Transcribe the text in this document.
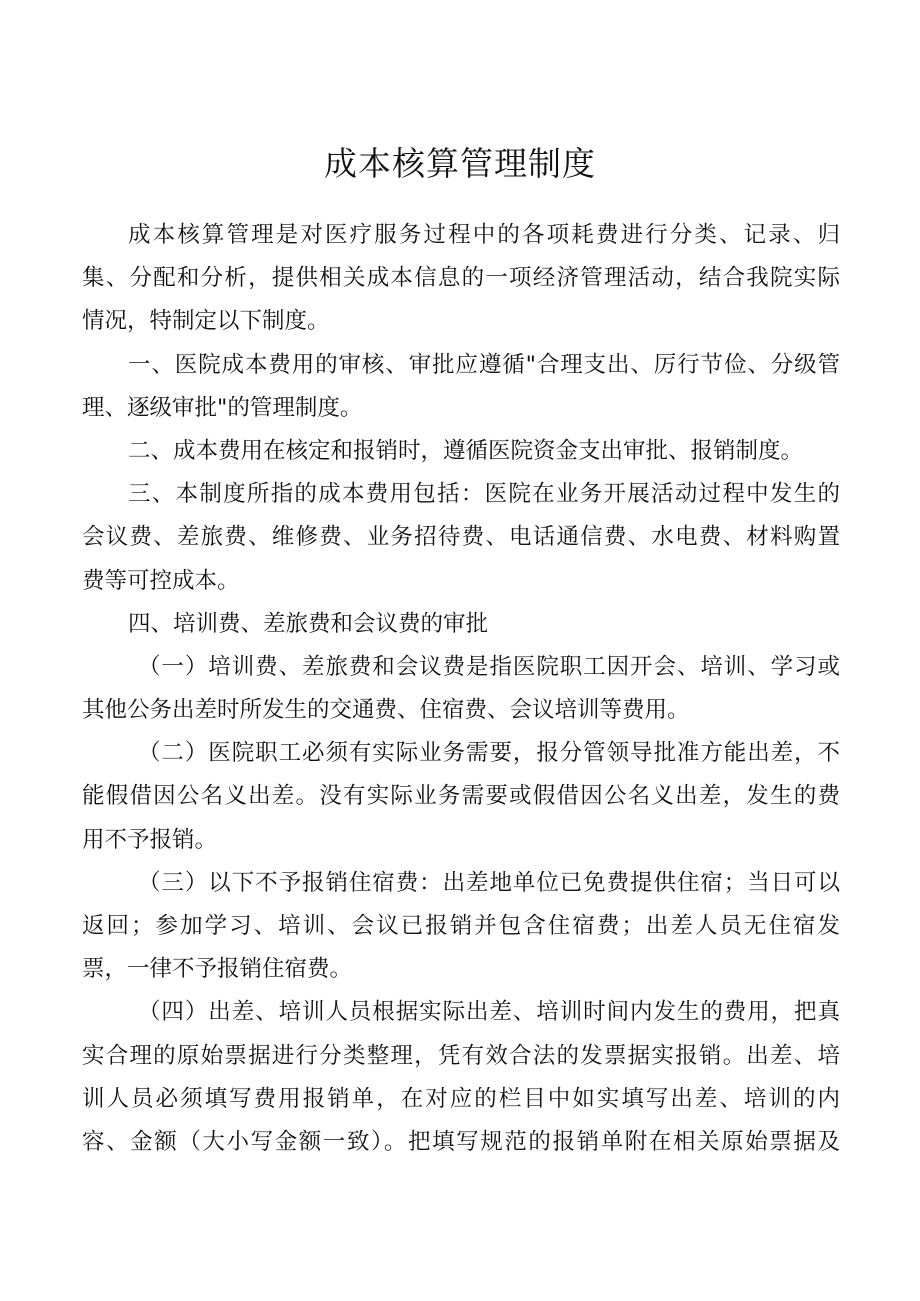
成本核算管理制度
成本核算管理是对医疗服务过程中的各项耗费进行分类、记录、归
集、分配和分析，提供相关成本信息的一项经济管理活动，结合我院实际
情况，特制定以下制度。
一、医院成本费用的审核、审批应遵循"合理支出、厉行节俭、分级管
理、逐级审批"的管理制度。
二、成本费用在核定和报销时，遵循医院资金支出审批、报销制度。
三、本制度所指的成本费用包括：医院在业务开展活动过程中发生的
会议费、差旅费、维修费、业务招待费、电话通信费、水电费、材料购置
费等可控成本。
四、培训费、差旅费和会议费的审批
（一）培训费、差旅费和会议费是指医院职工因开会、培训、学习或
其他公务出差时所发生的交通费、住宿费、会议培训等费用。
（二）医院职工必须有实际业务需要，报分管领导批准方能出差，不
能假借因公名义出差。没有实际业务需要或假借因公名义出差，发生的费
用不予报销。
（三）以下不予报销住宿费：出差地单位已免费提供住宿；当日可以
返回；参加学习、培训、会议已报销并包含住宿费；出差人员无住宿发
票，一律不予报销住宿费。
（四）出差、培训人员根据实际出差、培训时间内发生的费用，把真
实合理的原始票据进行分类整理，凭有效合法的发票据实报销。出差、培
训人员必须填写费用报销单，在对应的栏目中如实填写出差、培训的内
容、金额（大小写金额一致）。把填写规范的报销单附在相关原始票据及
